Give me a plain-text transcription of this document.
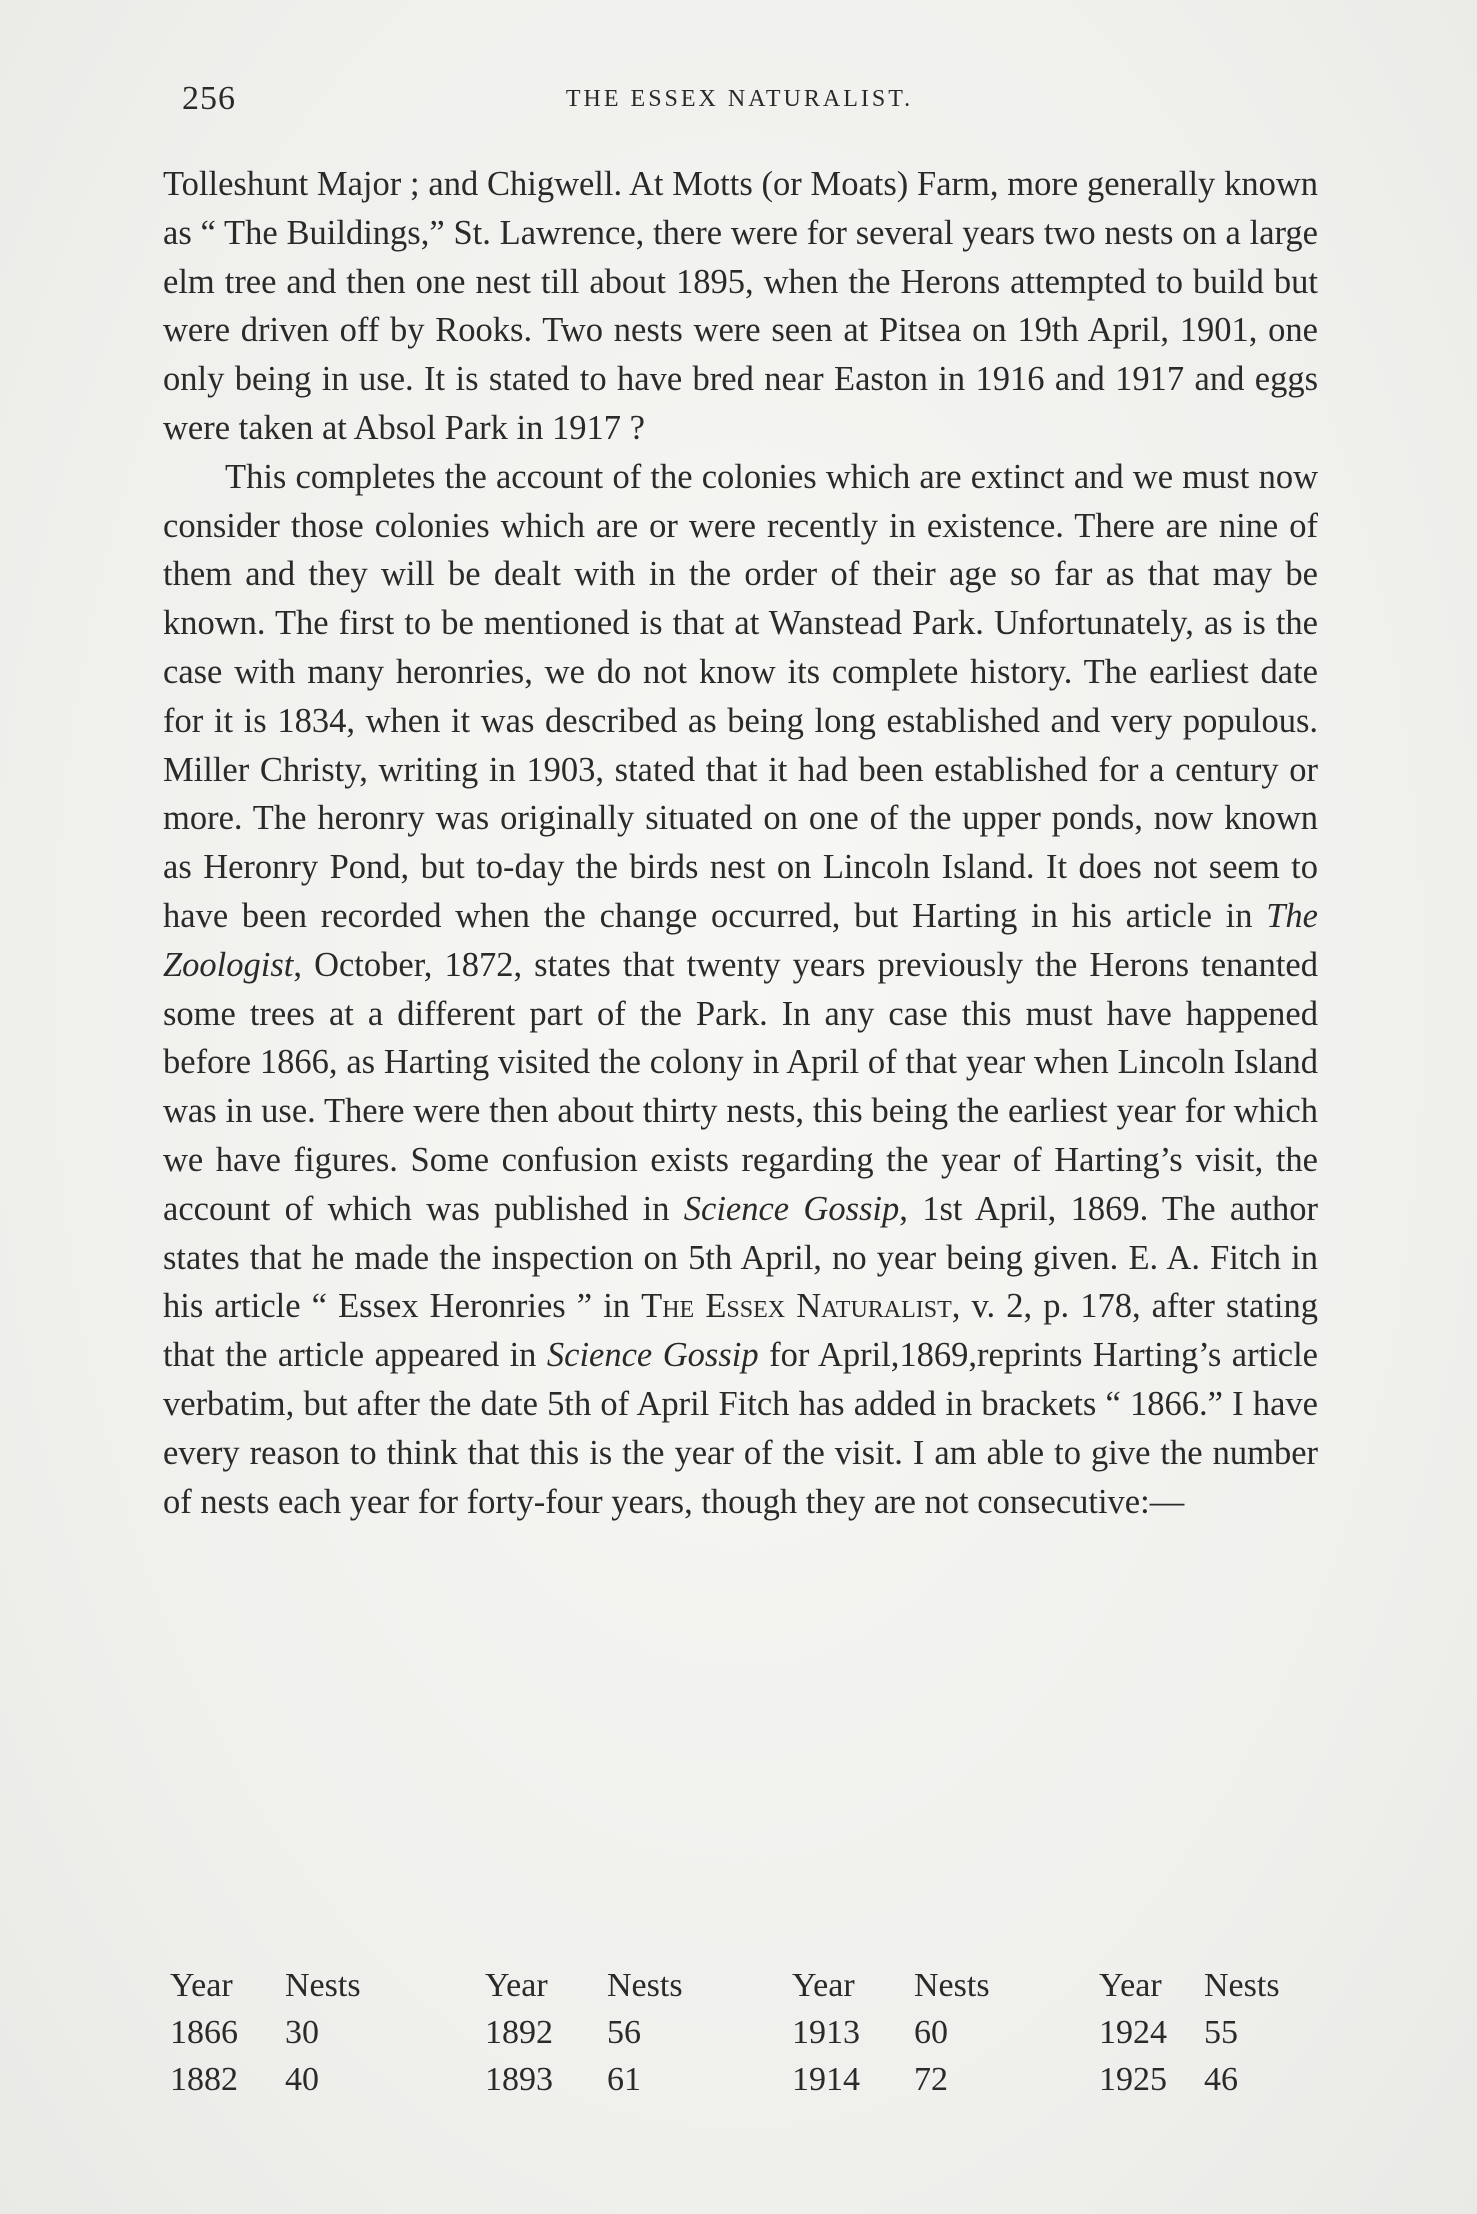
256	THE ESSEX NATURALIST.

Tolleshunt Major ; and Chigwell. At Motts (or Moats) Farm, more generally known as “ The Buildings,” St. Lawrence, there were for several years two nests on a large elm tree and then one nest till about 1895, when the Herons attempted to build but were driven off by Rooks. Two nests were seen at Pitsea on 19th April, 1901, one only being in use. It is stated to have bred near Easton in 1916 and 1917 and eggs were taken at Absol Park in 1917 ?

This completes the account of the colonies which are extinct and we must now consider those colonies which are or were recently in existence. There are nine of them and they will be dealt with in the order of their age so far as that may be known. The first to be mentioned is that at Wanstead Park. Unfortunately, as is the case with many heronries, we do not know its complete history. The earliest date for it is 1834, when it was described as being long established and very populous. Miller Christy, writing in 1903, stated that it had been established for a century or more. The heronry was originally situated on one of the upper ponds, now known as Heronry Pond, but to-day the birds nest on Lincoln Island. It does not seem to have been recorded when the change occurred, but Harting in his article in The Zoologist, October, 1872, states that twenty years previously the Herons tenanted some trees at a different part of the Park. In any case this must have happened before 1866, as Harting visited the colony in April of that year when Lincoln Island was in use. There were then about thirty nests, this being the earliest year for which we have figures. Some confusion exists regarding the year of Harting’s visit, the account of which was published in Science Gossip, 1st April, 1869. The author states that he made the inspection on 5th April, no year being given. E. A. Fitch in his article “ Essex Heronries ” in The Essex Naturalist, v. 2, p. 178, after stating that the article appeared in Science Gossip for April,1869,reprints Harting’s article verbatim, but after the date 5th of April Fitch has added in brackets “ 1866.” I have every reason to think that this is the year of the visit. I am able to give the number of nests each year for forty-four years, though they are not consecutive:—

Year	Nests	Year	Nests	Year	Nests	Year	Nests
1866	30	1892	56	1913	60	1924	55
1882	40	1893	61	1914	72	1925	46
